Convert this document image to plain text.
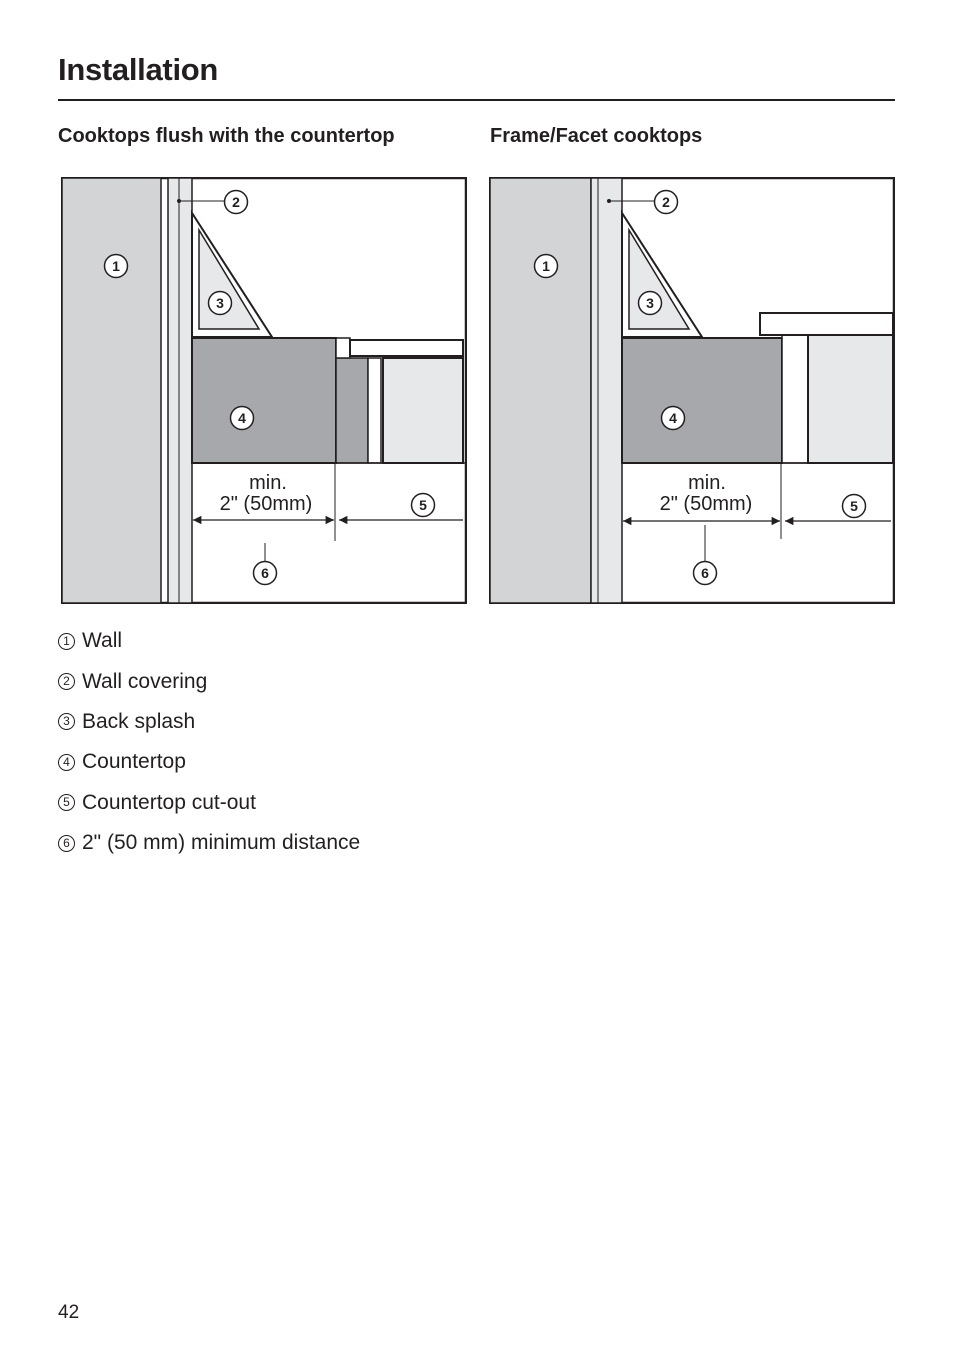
Installation
Cooktops flush with the countertop	Frame/Facet cooktops
min.
2" (50mm)
1
2
3
4
5
6
min.
2" (50mm)
1
2
3
4
5
6
1 Wall
2 Wall covering
3 Back splash
4 Countertop
5 Countertop cut-out
6 2" (50 mm) minimum distance
42
